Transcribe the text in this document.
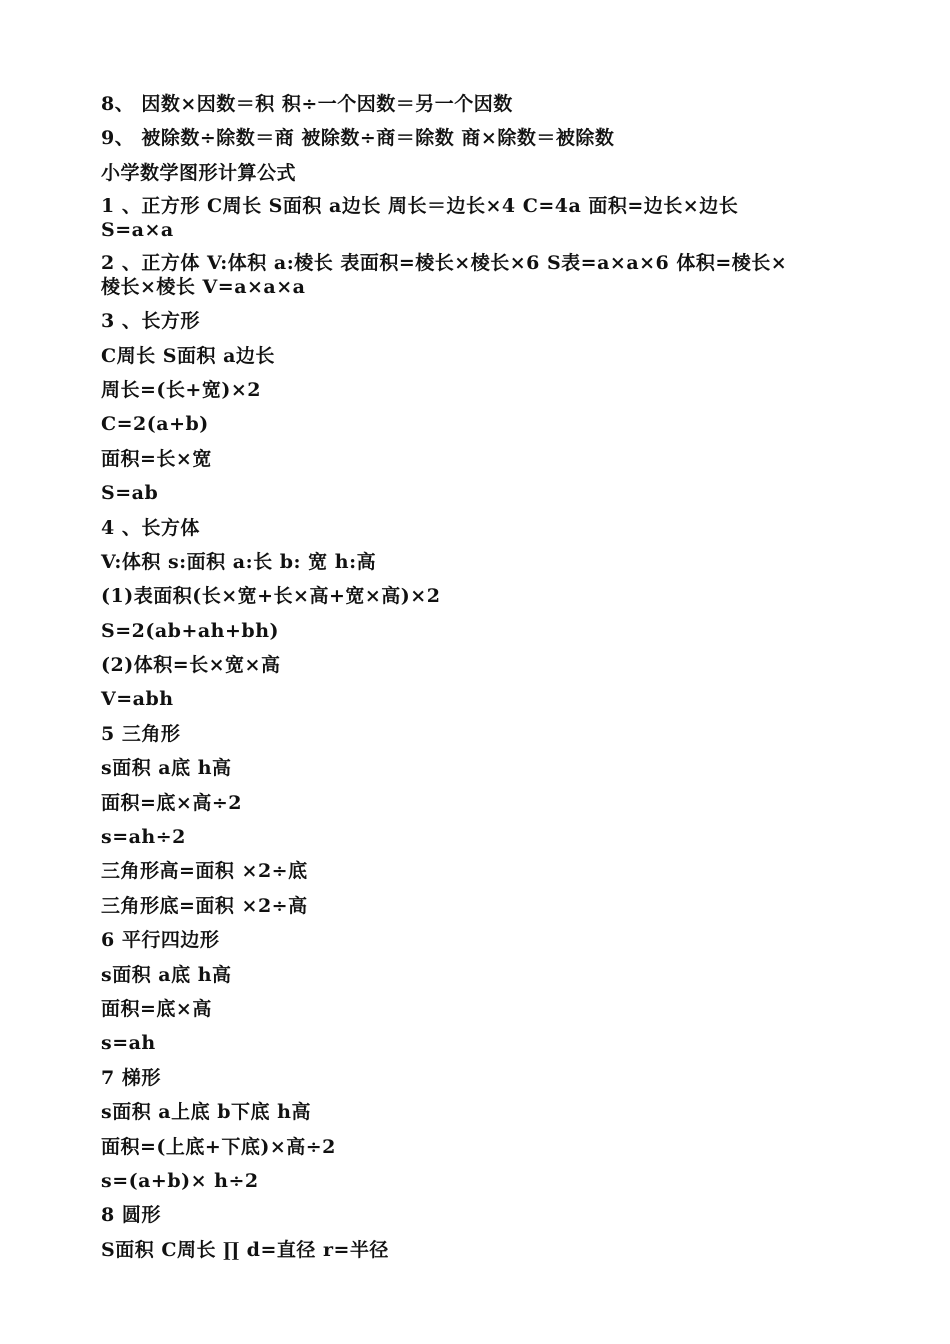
8、 因数×因数＝积 积÷一个因数＝另一个因数
9、 被除数÷除数＝商 被除数÷商＝除数 商×除数＝被除数
小学数学图形计算公式
1 、正方形 C周长 S面积 a边长 周长＝边长×4 C=4a 面积=边长×边长
S=a×a
2 、正方体 V:体积 a:棱长 表面积=棱长×棱长×6 S表=a×a×6 体积=棱长×
棱长×棱长 V=a×a×a
3 、长方形
C周长 S面积 a边长
周长=(长+宽)×2
C=2(a+b)
面积=长×宽
S=ab
4 、长方体
V:体积 s:面积 a:长 b: 宽 h:高
(1)表面积(长×宽+长×高+宽×高)×2
S=2(ab+ah+bh)
(2)体积=长×宽×高
V=abh
5 三角形
s面积 a底 h高
面积=底×高÷2
s=ah÷2
三角形高=面积 ×2÷底
三角形底=面积 ×2÷高
6 平行四边形
s面积 a底 h高
面积=底×高
s=ah
7 梯形
s面积 a上底 b下底 h高
面积=(上底+下底)×高÷2
s=(a+b)× h÷2
8 圆形
S面积 C周长 ∏ d=直径 r=半径
